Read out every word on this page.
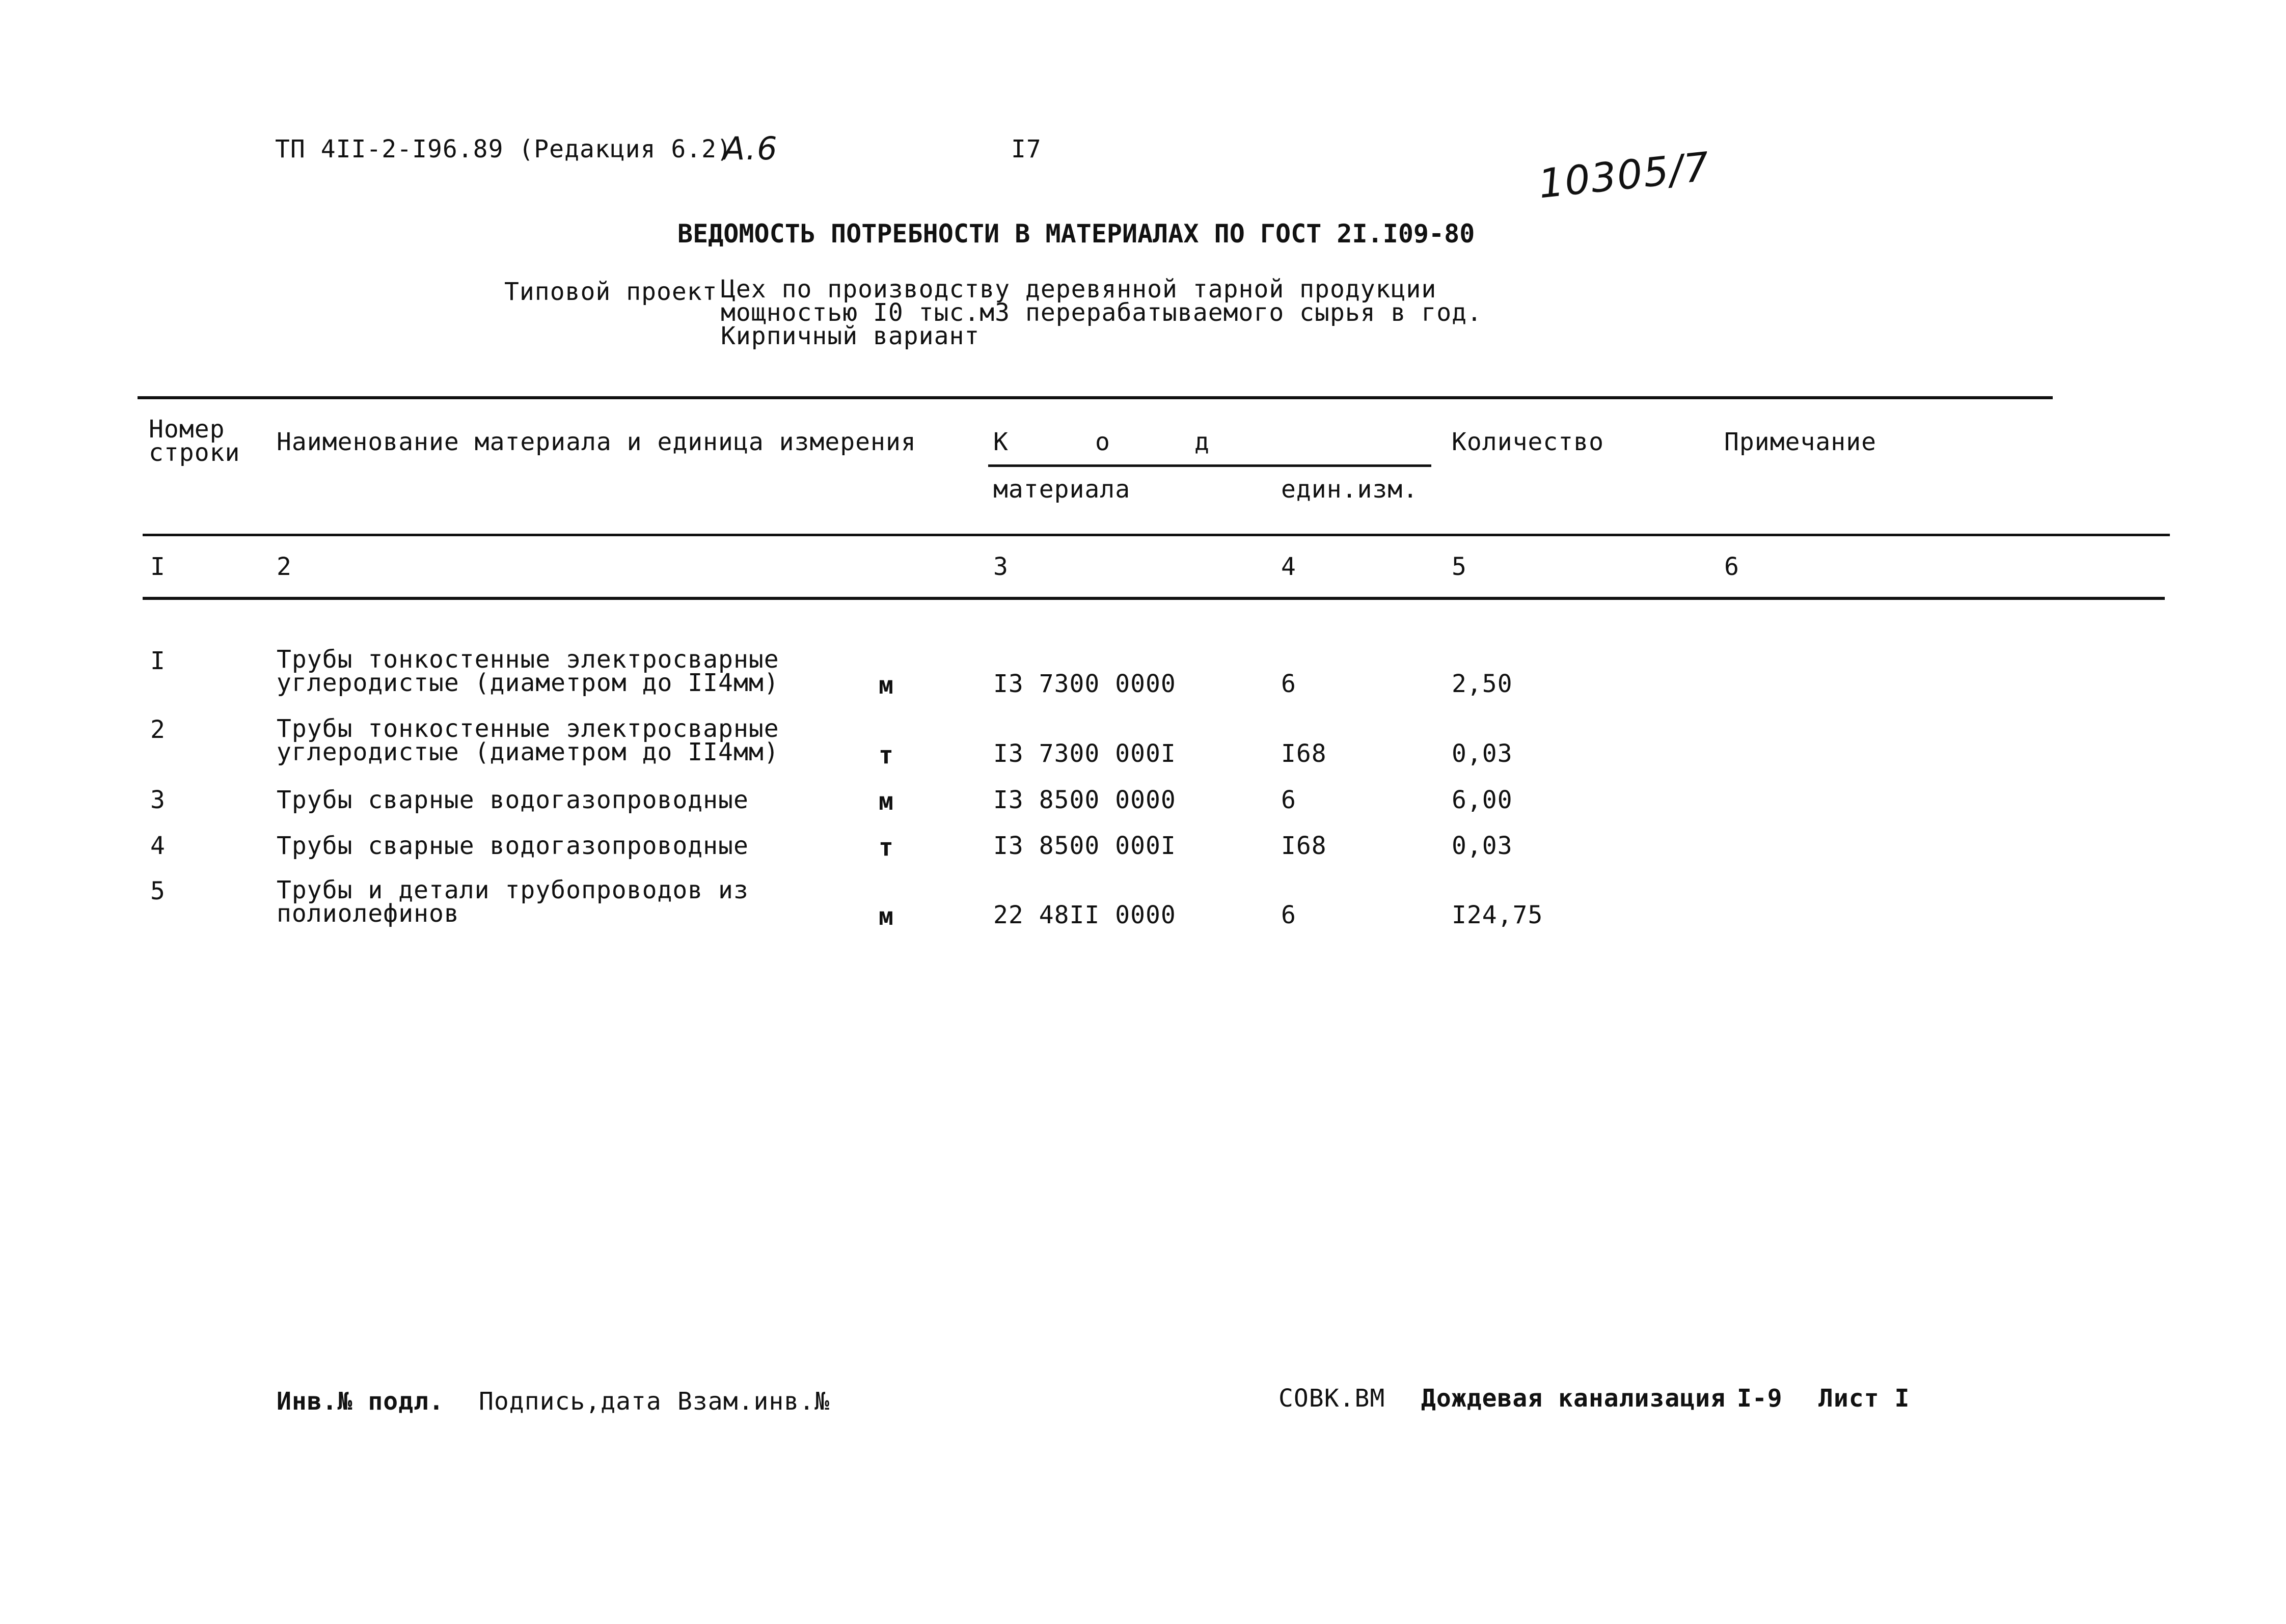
ТП 4II-2-I96.89 (Редакция 6.2)
А.6	I7	10305/7
ВЕДОМОСТЬ ПОТРЕБНОСТИ В МАТЕРИАЛАХ ПО ГОСТ 2I.I09-80
Типовой проект Цех по производству деревянной тарной продукции
мощностью I0 тыс.м3 перерабатываемого сырья в год.
Кирпичный вариант
Номер
строки Наименование материала и единица измерения	К	о	д	Количество	Примечание
материала	един.изм.
I	2	3	4	5	6
I	Трубы тонкостенные электросварные
углеродистые (диаметром до II4мм)	м	I3 7300 0000	6	2,50
2	Трубы тонкостенные электросварные
углеродистые (диаметром до II4мм)	т	I3 7300 000I	I68	0,03
3	Трубы сварные водогазопроводные	м	I3 8500 0000	6	6,00
4	Трубы сварные водогазопроводные	т	I3 8500 000I	I68	0,03
5	Трубы и детали трубопроводов из
полиолефинов	м	22 48II 0000	6	I24,75
Инв.№ подл. Подпись,дата Взам.инв.№	СОВК.ВМ Дождевая канализация I-9 Лист I
